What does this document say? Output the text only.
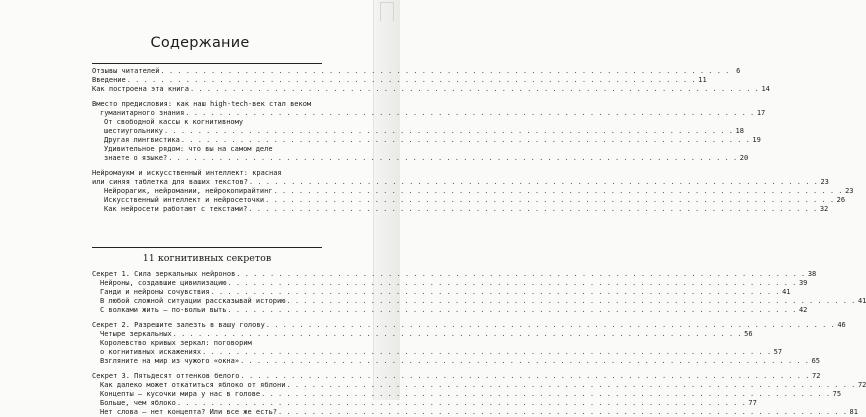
Содержание
Отзывы читателей . . .	6
Введение . . .	11
Как построена эта книга . . .	14
Вместо предисловия: как наш high-tech-век стал веком
гуманитарного знания . . .	17
От свободной кассы к когнитивному
шестиугольнику . . .	18
Другая лингвистика . . .	19
Удивительное рядом: что вы на самом деле
знаете о языке? . . .	20
Нейромаукм и искусственный интеллект: красная
или синяя таблетка для ваших текстов? . . .	23
Нейрорагик, нейромании, нейрокопирайтинг . . .	23
Искусственный интеллект и нейросеточки . . .	26
Как нейросети работают с текстами? . . .	32
11 когнитивных секретов
Секрет 1. Сила зеркальных нейронов . . .	38
Нейроны, создавшие цивилизацию . . .	39
Ганди и нейроны сочувствия . . .	41
В любой сложной ситуации рассказывай историю . . .	41
С волками жить – по-вольи выть . . .	42
Секрет 2. Разрешите залезть в вашу голову . . .	46
Четыре зеркальных . . .	56
Королевство кривых зеркал: поговорим
о когнитивных искажениях . . .	57
Взгляните на мир из чужого «окна» . . .	65
Секрет 3. Пятьдесят оттенков белого . . .	72
Как далеко может откатиться яблоко от яблони . . .	72
Концепты – кусочки мира у нас в голове . . .	75
Больше, чем яблоко . . .	77
Нет слова – нет концепта? Или все же есть? . . .	81
